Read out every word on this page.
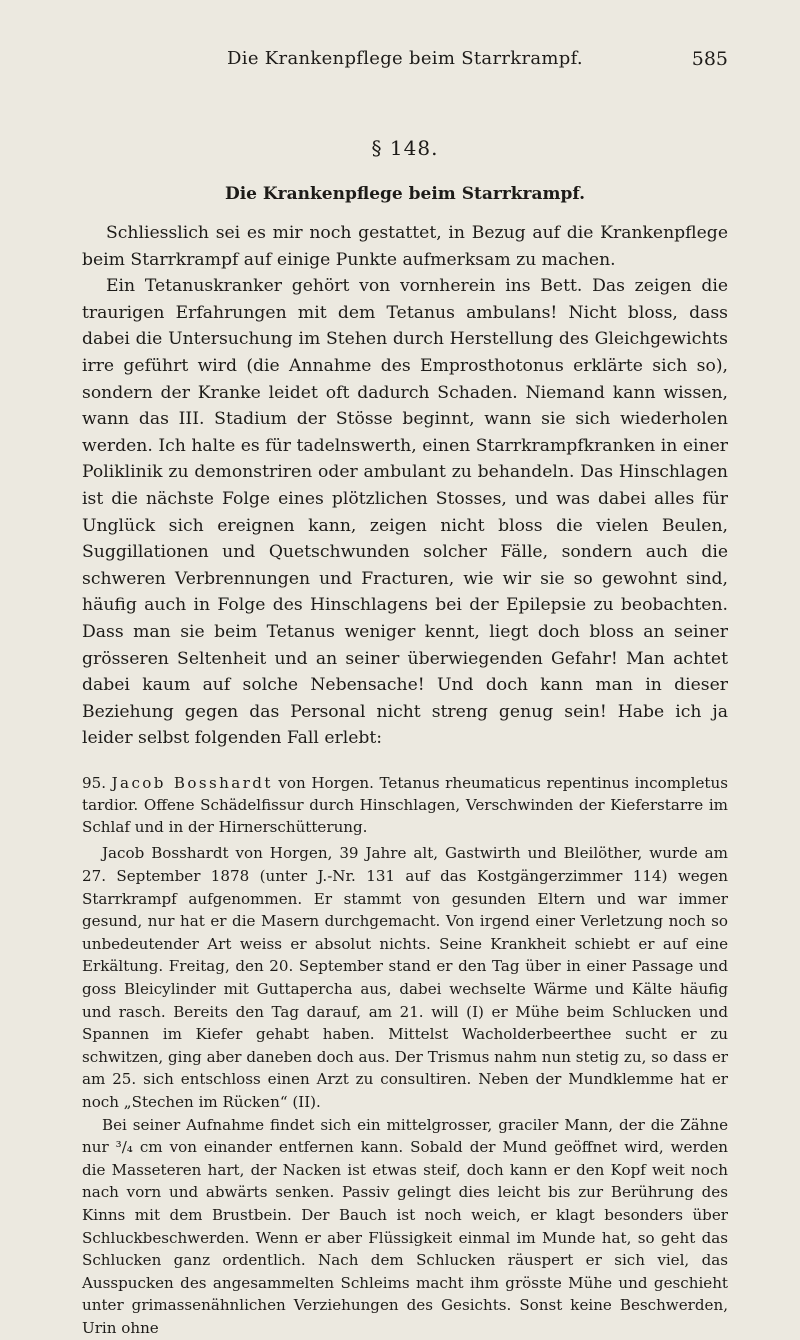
Die Krankenpflege beim Starrkrampf.	585
§ 148.
Die Krankenpflege beim Starrkrampf.

Schliesslich sei es mir noch gestattet, in Bezug auf die Krankenpflege beim Starrkrampf auf einige Punkte aufmerksam zu machen.

Ein Tetanuskranker gehört von vornherein ins Bett. Das zeigen die traurigen Erfahrungen mit dem Tetanus ambulans! Nicht bloss, dass dabei die Untersuchung im Stehen durch Herstellung des Gleichgewichts irre geführt wird (die Annahme des Emprosthotonus erklärte sich so), sondern der Kranke leidet oft dadurch Schaden. Niemand kann wissen, wann das III. Stadium der Stösse beginnt, wann sie sich wiederholen werden. Ich halte es für tadelnswerth, einen Starrkrampfkranken in einer Poliklinik zu demonstriren oder ambulant zu behandeln. Das Hinschlagen ist die nächste Folge eines plötzlichen Stosses, und was dabei alles für Unglück sich ereignen kann, zeigen nicht bloss die vielen Beulen, Suggillationen und Quetschwunden solcher Fälle, sondern auch die schweren Verbrennungen und Fracturen, wie wir sie so gewohnt sind, häufig auch in Folge des Hinschlagens bei der Epilepsie zu beobachten. Dass man sie beim Tetanus weniger kennt, liegt doch bloss an seiner grösseren Seltenheit und an seiner überwiegenden Gefahr! Man achtet dabei kaum auf solche Nebensache! Und doch kann man in dieser Beziehung gegen das Personal nicht streng genug sein! Habe ich ja leider selbst folgenden Fall erlebt:

95. Jacob Bosshardt von Horgen. Tetanus rheumaticus repentinus incompletus tardior. Offene Schädelfissur durch Hinschlagen, Verschwinden der Kieferstarre im Schlaf und in der Hirnerschütterung.

Jacob Bosshardt von Horgen, 39 Jahre alt, Gastwirth und Bleilöther, wurde am 27. September 1878 (unter J.-Nr. 131 auf das Kostgängerzimmer 114) wegen Starrkrampf aufgenommen. Er stammt von gesunden Eltern und war immer gesund, nur hat er die Masern durchgemacht. Von irgend einer Verletzung noch so unbedeutender Art weiss er absolut nichts. Seine Krankheit schiebt er auf eine Erkältung. Freitag, den 20. September stand er den Tag über in einer Passage und goss Bleicylinder mit Guttapercha aus, dabei wechselte Wärme und Kälte häufig und rasch. Bereits den Tag darauf, am 21. will (I) er Mühe beim Schlucken und Spannen im Kiefer gehabt haben. Mittelst Wacholderbeerthee sucht er zu schwitzen, ging aber daneben doch aus. Der Trismus nahm nun stetig zu, so dass er am 25. sich entschloss einen Arzt zu consultiren. Neben der Mundklemme hat er noch „Stechen im Rücken“ (II).

Bei seiner Aufnahme findet sich ein mittelgrosser, graciler Mann, der die Zähne nur ³/₄ cm von einander entfernen kann. Sobald der Mund geöffnet wird, werden die Masseteren hart, der Nacken ist etwas steif, doch kann er den Kopf weit noch nach vorn und abwärts senken. Passiv gelingt dies leicht bis zur Berührung des Kinns mit dem Brustbein. Der Bauch ist noch weich, er klagt besonders über Schluckbeschwerden. Wenn er aber Flüssigkeit einmal im Munde hat, so geht das Schlucken ganz ordentlich. Nach dem Schlucken räuspert er sich viel, das Ausspucken des angesammelten Schleims macht ihm grösste Mühe und geschieht unter grimassenähnlichen Verziehungen des Gesichts. Sonst keine Beschwerden, Urin ohne
